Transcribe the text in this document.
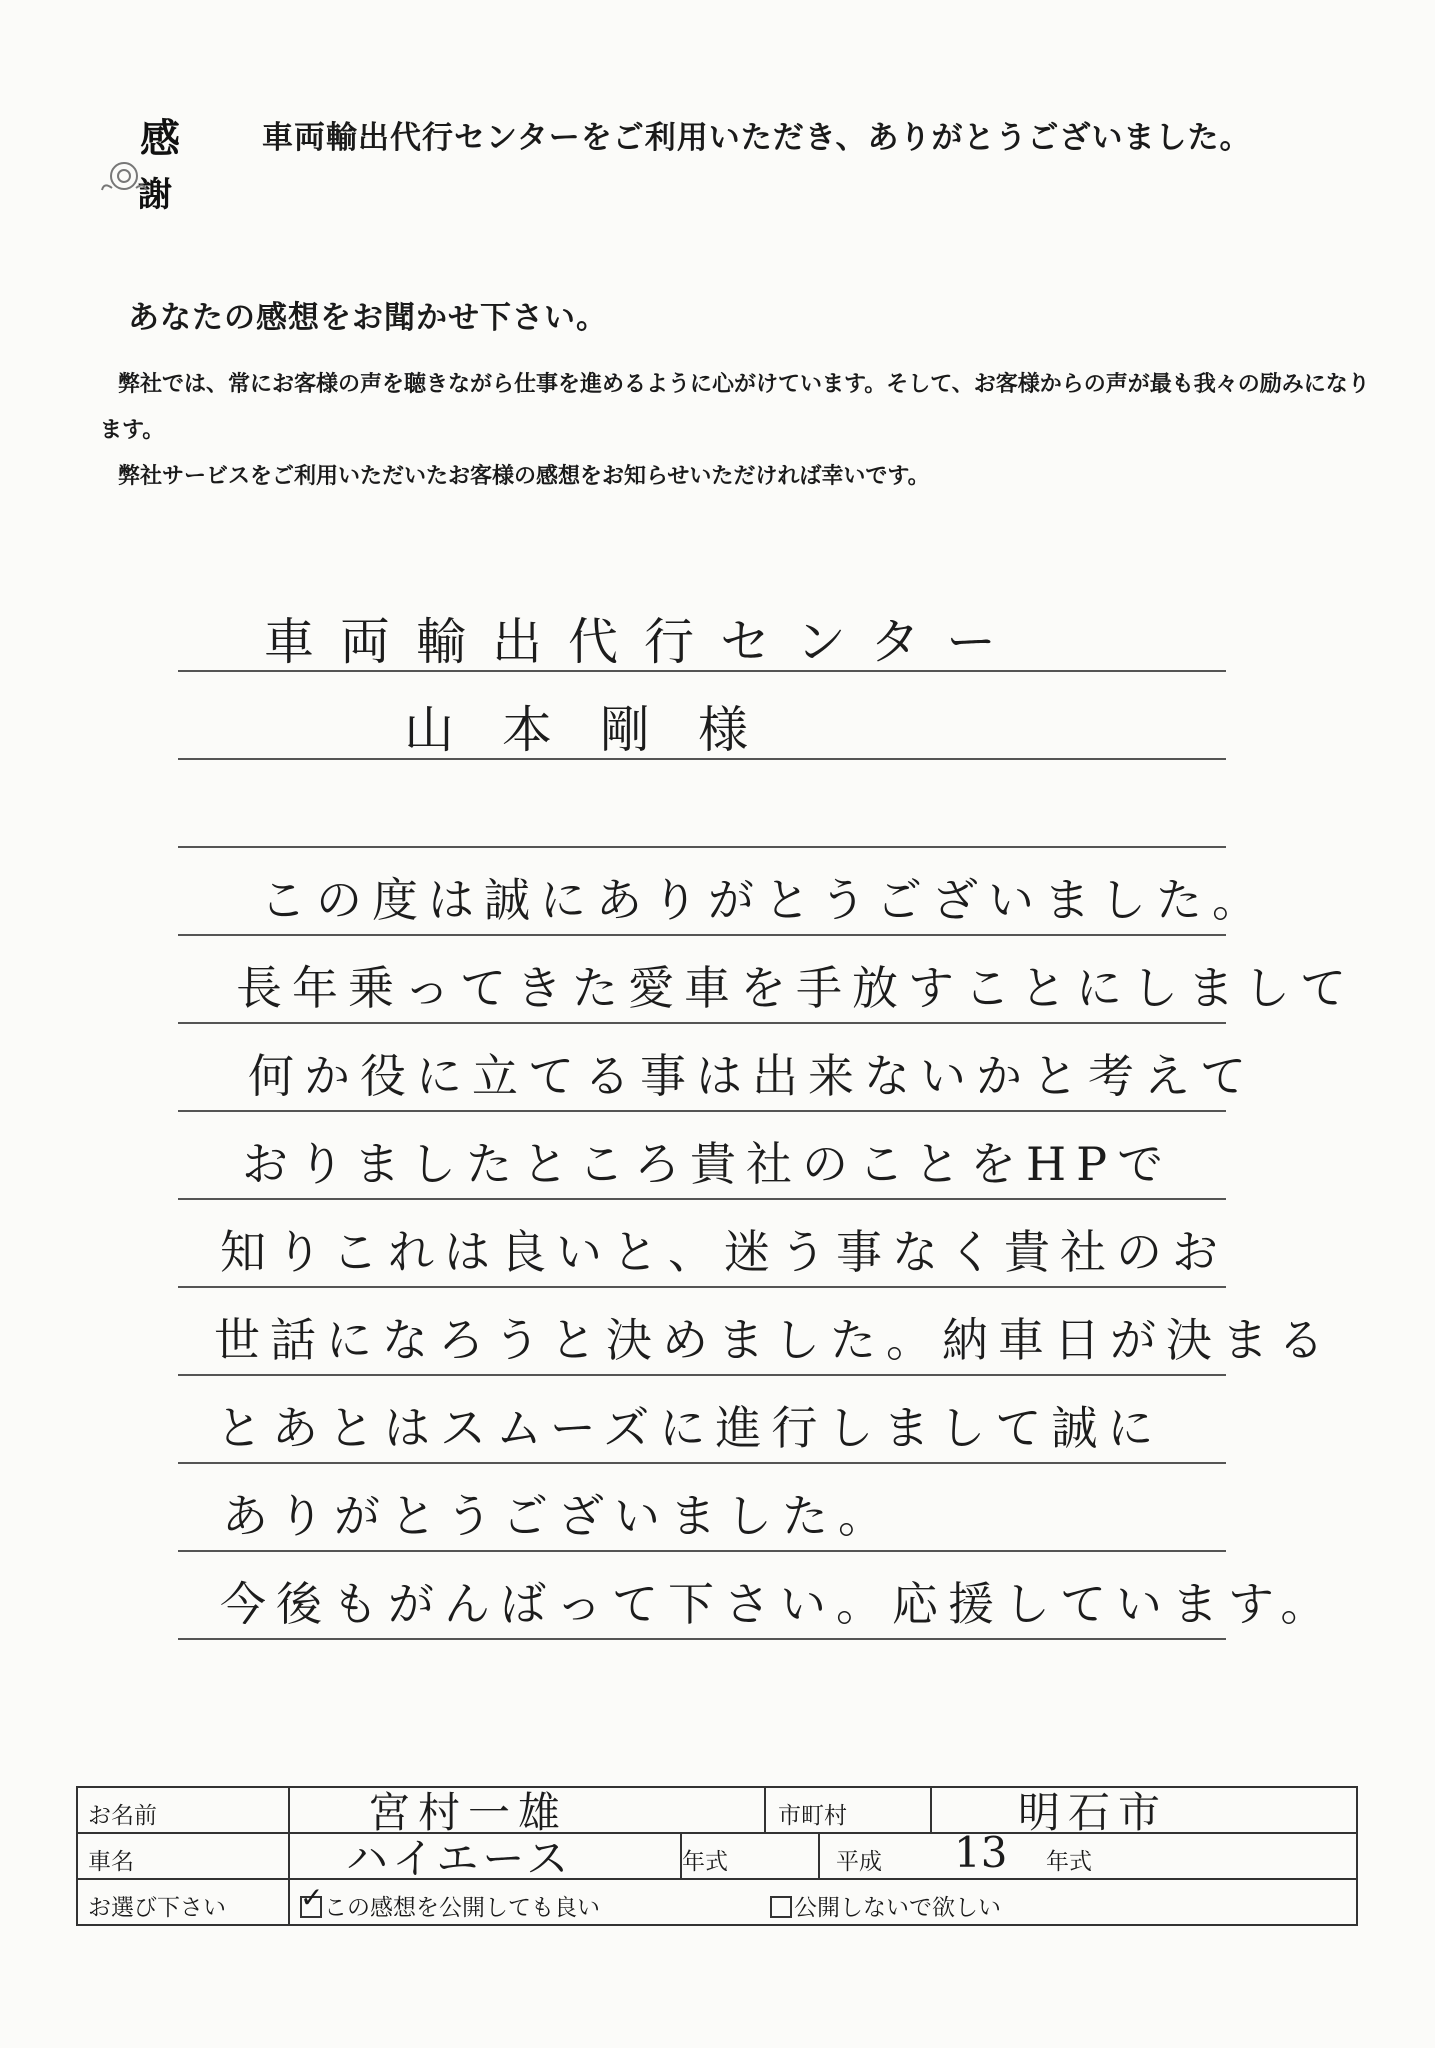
感
謝
車両輸出代行センターをご利用いただき、ありがとうございました。
あなたの感想をお聞かせ下さい。

弊社では、常にお客様の声を聴きながら仕事を進めるように心がけています。そして、お客様からの声が最も我々の励みになります。

弊社サービスをご利用いただいたお客様の感想をお知らせいただければ幸いです。

車両輸出代行センター
山本剛様
この度は誠にありがとうございました。
長年乗ってきた愛車を手放すことにしまして
何か役に立てる事は出来ないかと考えて
おりましたところ貴社のことをHPで
知りこれは良いと、迷う事なく貴社のお
世話になろうと決めました。納車日が決まる
とあとはスムーズに進行しまして誠に
ありがとうございました。
今後もがんばって下さい。応援しています。
お名前	宮村一雄	市町村	明石市
車名	ハイエース	年式	平成 13 年式
お選び下さい	✓ この感想を公開しても良い	公開しないで欲しい
